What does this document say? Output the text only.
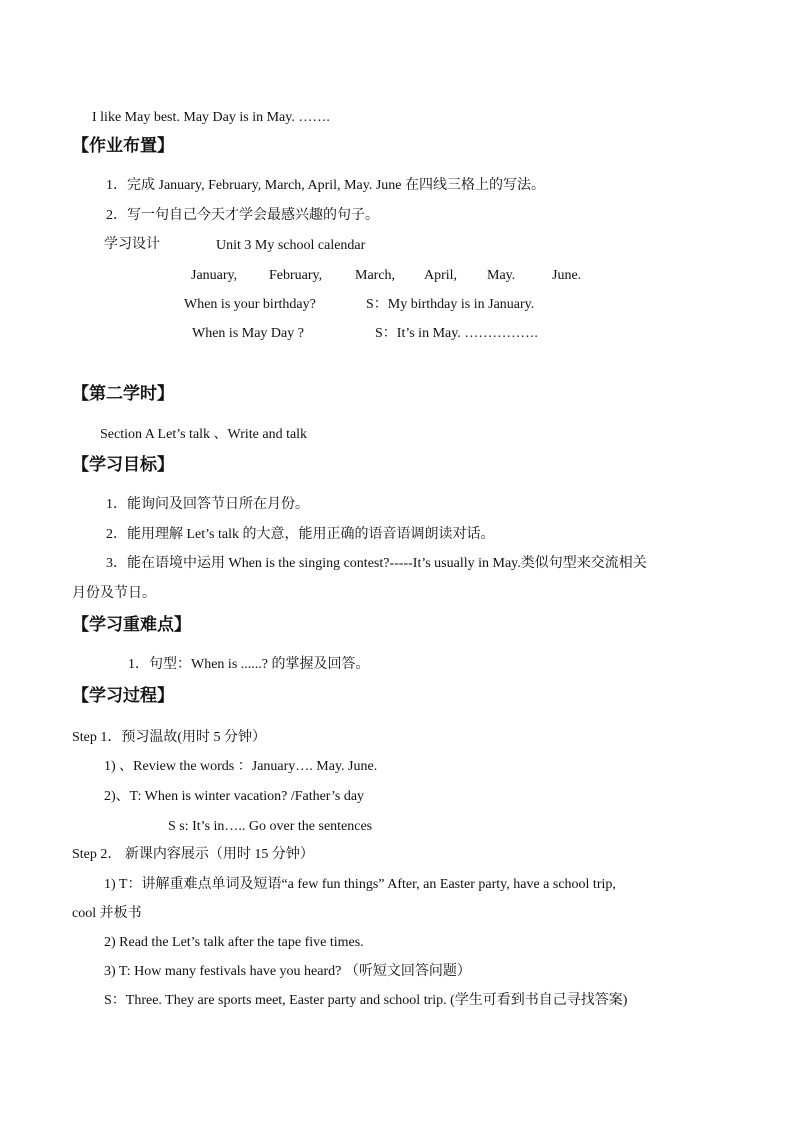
I like May best. May Day is in May. …….
【作业布置】
1．完成 January, February, March, April, May. June 在四线三格上的写法。
2．写一句自己今天才学会最感兴趣的句子。
学习设计	Unit 3 My school calendar
January, February, March, April, May.	June.
When is your birthday?	S：My birthday is in January.
When is May Day ?	S：It’s in May. …………….
【第二学时】
Section A Let’s talk 、Write and talk
【学习目标】
1．能询问及回答节日所在月份。
2．能用理解 Let’s talk 的大意，能用正确的语音语调朗读对话。
3．能在语境中运用 When is the singing contest?-----It’s usually in May.类似句型来交流相关
月份及节日。
【学习重难点】
1．句型：When is ......? 的掌握及回答。
【学习过程】
Step 1．预习温故(用时 5 分钟）
1) 、Review the words ：January…. May. June.
2)、T: When is winter vacation? /Father’s day
S s: It’s in….. Go over the sentences
Step 2． 新课内容展示（用时 15 分钟）
1) T：讲解重难点单词及短语“a few fun things” After, an Easter party, have a school trip,
cool 并板书
2) Read the Let’s talk after the tape five times.
3) T: How many festivals have you heard? （听短文回答问题）
S：Three. They are sports meet, Easter party and school trip. (学生可看到书自己寻找答案)
